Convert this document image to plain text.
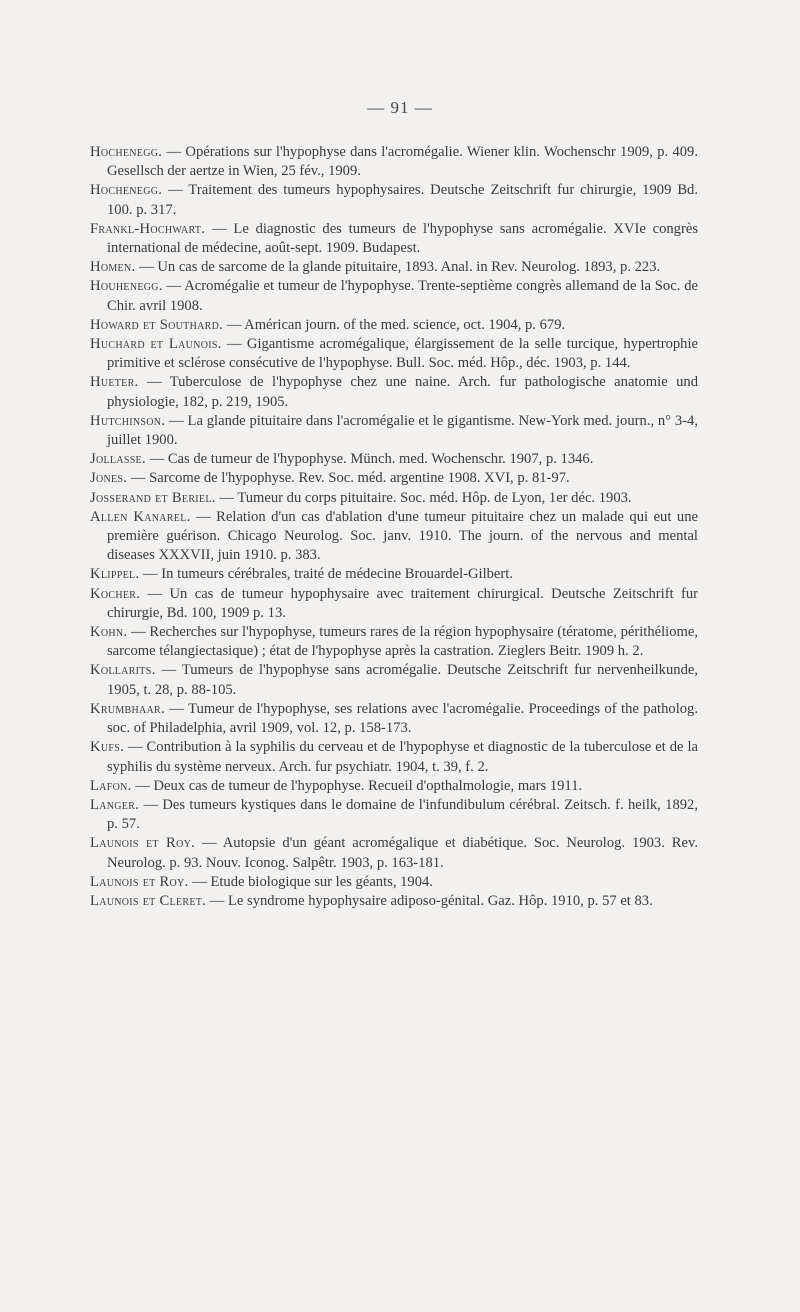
— 91 —

Hochenegg. — Opérations sur l'hypophyse dans l'acromégalie. Wiener klin. Wochenschr 1909, p. 409. Gesellsch der aertze in Wien, 25 fév., 1909.

Hochenegg. — Traitement des tumeurs hypophysaires. Deutsche Zeitschrift fur chirurgie, 1909 Bd. 100. p. 317.

Frankl-Hochwart. — Le diagnostic des tumeurs de l'hypophyse sans acromégalie. XVIe congrès international de médecine, août-sept. 1909. Budapest.

Homen. — Un cas de sarcome de la glande pituitaire, 1893. Anal. in Rev. Neurolog. 1893, p. 223.

Houhenegg. — Acromégalie et tumeur de l'hypophyse. Trente-septième congrès allemand de la Soc. de Chir. avril 1908.

Howard et Southard. — Américan journ. of the med. science, oct. 1904, p. 679.

Huchard et Launois. — Gigantisme acromégalique, élargissement de la selle turcique, hypertrophie primitive et sclérose consécutive de l'hypophyse. Bull. Soc. méd. Hôp., déc. 1903, p. 144.

Hueter. — Tuberculose de l'hypophyse chez une naine. Arch. fur pathologische anatomie und physiologie, 182, p. 219, 1905.

Hutchinson. — La glande pituitaire dans l'acromégalie et le gigantisme. New-York med. journ., n° 3-4, juillet 1900.

Jollasse. — Cas de tumeur de l'hypophyse. Münch. med. Wochenschr. 1907, p. 1346.

Jones. — Sarcome de l'hypophyse. Rev. Soc. méd. argentine 1908. XVI, p. 81-97.

Josserand et Beriel. — Tumeur du corps pituitaire. Soc. méd. Hôp. de Lyon, 1er déc. 1903.

Allen Kanarel. — Relation d'un cas d'ablation d'une tumeur pituitaire chez un malade qui eut une première guérison. Chicago Neurolog. Soc. janv. 1910. The journ. of the nervous and mental diseases XXXVII, juin 1910. p. 383.

Klippel. — In tumeurs cérébrales, traité de médecine Brouardel-Gilbert.

Kocher. — Un cas de tumeur hypophysaire avec traitement chirurgical. Deutsche Zeitschrift fur chirurgie, Bd. 100, 1909 p. 13.

Kohn. — Recherches sur l'hypophyse, tumeurs rares de la région hypophysaire (tératome, périthéliome, sarcome télangiectasique) ; état de l'hypophyse après la castration. Zieglers Beitr. 1909 h. 2.

Kollarits. — Tumeurs de l'hypophyse sans acromégalie. Deutsche Zeitschrift fur nervenheilkunde, 1905, t. 28, p. 88-105.

Krumbhaar. — Tumeur de l'hypophyse, ses relations avec l'acromégalie. Proceedings of the patholog. soc. of Philadelphia, avril 1909, vol. 12, p. 158-173.

Kufs. — Contribution à la syphilis du cerveau et de l'hypophyse et diagnostic de la tuberculose et de la syphilis du système nerveux. Arch. fur psychiatr. 1904, t. 39, f. 2.

Lafon. — Deux cas de tumeur de l'hypophyse. Recueil d'opthalmologie, mars 1911.

Langer. — Des tumeurs kystiques dans le domaine de l'infundibulum cérébral. Zeitsch. f. heilk, 1892, p. 57.

Launois et Roy. — Autopsie d'un géant acromégalique et diabétique. Soc. Neurolog. 1903. Rev. Neurolog. p. 93. Nouv. Iconog. Salpêtr. 1903, p. 163-181.

Launois et Roy. — Etude biologique sur les géants, 1904.

Launois et Cleret. — Le syndrome hypophysaire adiposo-génital. Gaz. Hôp. 1910, p. 57 et 83.
